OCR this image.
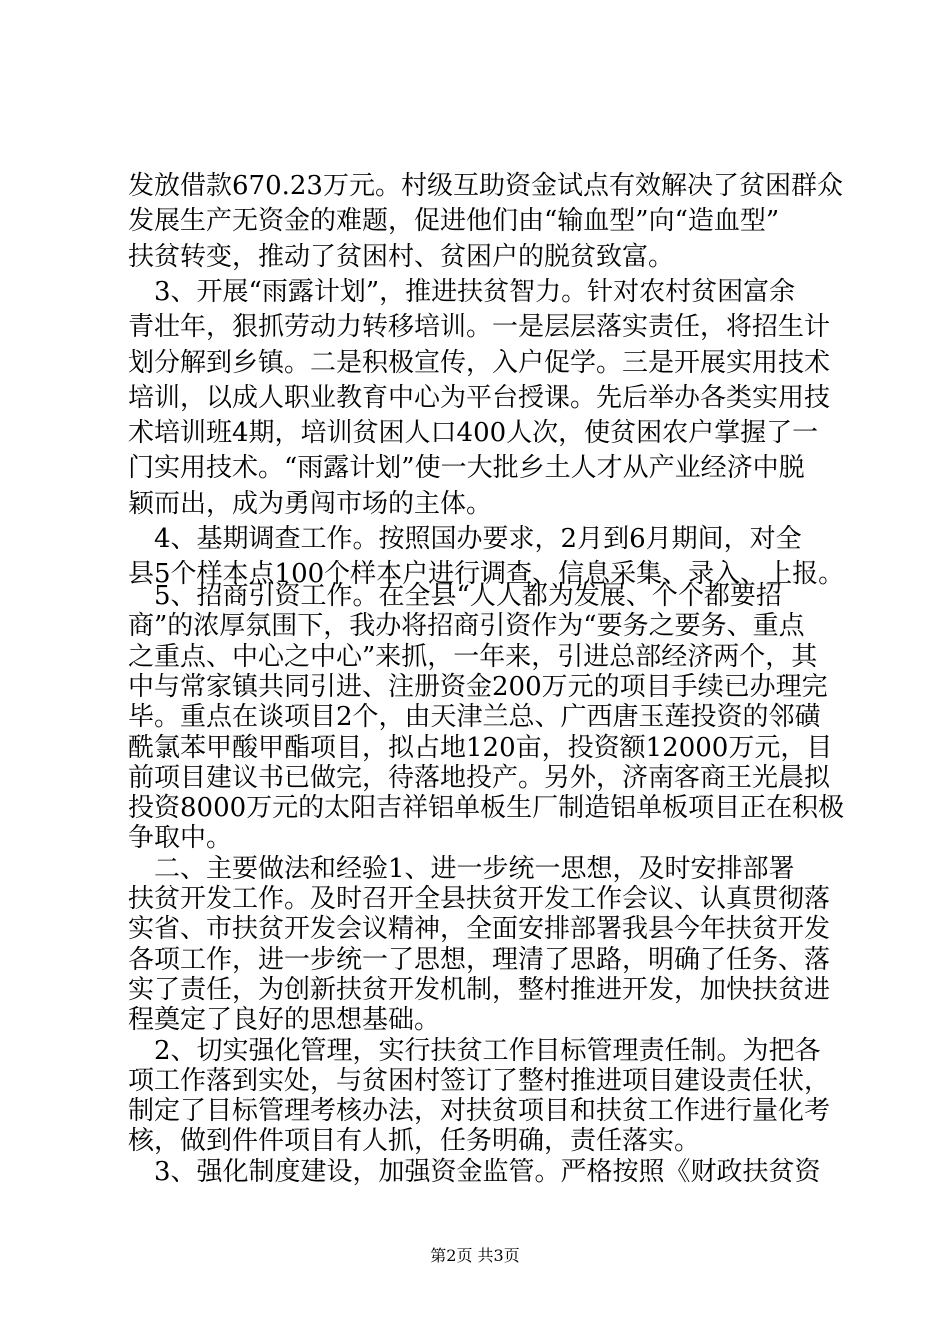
发放借款670.23万元。村级互助资金试点有效解决了贫困群众
发展生产无资金的难题，促进他们由“输血型”向“造血型”
扶贫转变，推动了贫困村、贫困户的脱贫致富。
　3、开展“雨露计划”，推进扶贫智力。针对农村贫困富余
青壮年，狠抓劳动力转移培训。一是层层落实责任，将招生计
划分解到乡镇。二是积极宣传，入户促学。三是开展实用技术
培训，以成人职业教育中心为平台授课。先后举办各类实用技
术培训班4期，培训贫困人口400人次，使贫困农户掌握了一
门实用技术。“雨露计划”使一大批乡土人才从产业经济中脱
颖而出，成为勇闯市场的主体。
　4、基期调查工作。按照国办要求，2月到6月期间，对全
县5个样本点100个样本户进行调查、信息采集、录入、上报。
　5、招商引资工作。在全县“人人都为发展、个个都要招
商”的浓厚氛围下，我办将招商引资作为“要务之要务、重点
之重点、中心之中心”来抓，一年来，引进总部经济两个，其
中与常家镇共同引进、注册资金200万元的项目手续已办理完
毕。重点在谈项目2个，由天津兰总、广西唐玉莲投资的邻磺
酰氯苯甲酸甲酯项目，拟占地120亩，投资额12000万元，目
前项目建议书已做完，待落地投产。另外，济南客商王光晨拟
投资8000万元的太阳吉祥铝单板生厂制造铝单板项目正在积极
争取中。
　二、主要做法和经验1、进一步统一思想，及时安排部署
扶贫开发工作。及时召开全县扶贫开发工作会议、认真贯彻落
实省、市扶贫开发会议精神，全面安排部署我县今年扶贫开发
各项工作，进一步统一了思想，理清了思路，明确了任务、落
实了责任，为创新扶贫开发机制，整村推进开发，加快扶贫进
程奠定了良好的思想基础。
　2、切实强化管理，实行扶贫工作目标管理责任制。为把各
项工作落到实处，与贫困村签订了整村推进项目建设责任状，
制定了目标管理考核办法，对扶贫项目和扶贫工作进行量化考
核，做到件件项目有人抓，任务明确，责任落实。
　3、强化制度建设，加强资金监管。严格按照《财政扶贫资
第2页 共3页
